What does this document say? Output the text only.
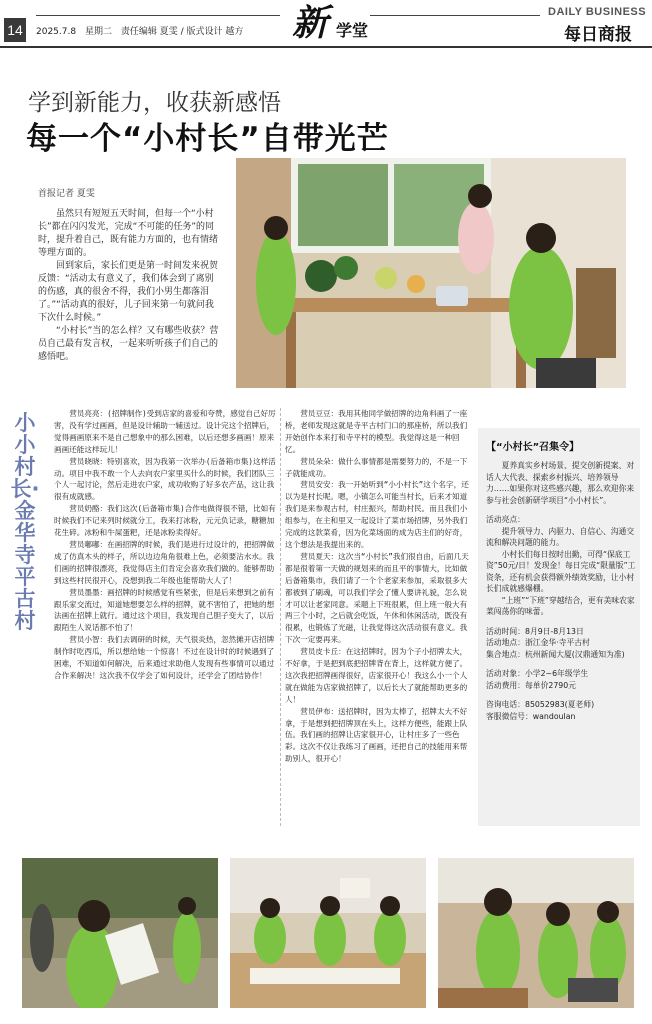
14	2025.7.8 星期二 责任编辑 夏雯 / 版式设计 越方 新 学堂
DAILY BUSINESS
每日商报
学到新能力，收获新感悟
每一个“小村长”自带光芒
首报记者 夏雯

虽然只有短短五天时间，但每一个“小村长”都在闪闪发光，完成“不可能的任务”的同时，提升着自己，既有能力方面的，也有情绪等理方面的。

回到家后，家长们更是第一时间发来祝贺反馈：“活动太有意义了，我们体会到了离别的伤感，真的很舍不得，我们小男生都落泪了。”“活动真的很好，儿子回来第一句就问我下次什么时候。”

“小村长”当的怎么样？又有哪些收获？营员自己最有发言权，一起来听听孩子们自己的感悟吧。

小小村长·金华寺平古村

营员亮亮：(招牌制作)受到店家的喜爱和夸赞，感觉自己好厉害，没有学过画画，但是设计辅助一辅送过。设计完这个招牌后，觉得画画原来不是自己想象中的那么困难，以后还想多画画！原来画画还能这样玩儿！

营员晓晓：特别喜欢，因为我第一次举办(后备箱市集)这样活动。项目中我不敢一个人去向农户家里买什么的时候，我们团队三个人一起讨论，然后走进农户家，成功收购了好多农产品，这让我很有成就感。

营员奶酪：我们这次(后备箱市集)合作电做得很不错，比如有时候我们不记来列时候就分工，我来打冰粉，元元负记录，糖糖加花生碎。冰粉和牛屎蛋粑，还是冰粉卖得好。

营员嘟嘟：在画招牌的时候，我们是进行过设计的，把招牌做成了仿真木头的样子，所以边边角角很难上色，必须要沾水水。我们画的招牌很漂亮，我觉得店主们肯定会喜欢我们做的。能够帮助到这些村民很开心，没想到我二年级也能帮助大人了！

营员墨墨：画招牌的时候感觉有些紧张，但是后来想到之前有跟乐家交流过，知道她想要怎么样的招牌，就不害怕了，把她的想法画在招牌上就行。通过这个项目，我发现自己胆子变大了，以后跟陌生人说话都不怕了！

营员小智：我们去调研的时候，天气很炎热，忽然摊开店招牌制作时吃西瓜，所以想给她一个惊喜！不过在设计时的时候遇到了困难，不知道如何解决，后来通过求助他人发现有些事情可以通过合作来解决！这次我不仅学会了如何设计，还学会了团结协作！

营员豆豆：我用其他同学做招牌的边角料画了一座桥，老师发现这就是寺平古村门口的那座桥，所以我们开始创作本来打和寺平村的模型。我觉得这是一种回忆。

营员朵朵：做什么事情都是需要努力的，不是一下子就能成功。

营员安安：我一开始听到“小小村长”这个名字，还以为是村长呢。嗯，小镇怎么可能当村长，后来才知道我们是来参观古村，村庄振兴，帮助村民。而且我们小组参与，在主和里又一起设计了菜市场招牌，另外我们完成的这款菜肴，因为化菜场面的成为店主们的好奇，这个想法是我提出来的。

营员夏天：这次当“小村长”我们很自由，后面几天都是很着第一天做的规划来的而且平的事情大，比如做后备箱集市，我们请了一个个老家来参加，采取很多大都被到了刷魂，可以我们学会了懂人要讲礼貌，怎么说才可以让老家同意。采题上下班很累，但上班一般大有两三个小时，之后就会吃饭，午休和休闲活动，既没有很累，也锻炼了光磁，让我觉得这次活动很有意义。我下次一定要再来。

营员皮卡丘：在这招牌时，因为个子小招牌太大，不好拿，于是把到底把招牌背在背上，这样就方便了。这次我把招牌画得很好，店家很开心！我这么小一个人就在做能为店家做招牌了，以后长大了就能帮助更多的人！

营员伊布：送招牌时，因为太棒了，招牌太大不好拿，于是想到把招牌顶在头上，这样方便些，能跟上队伍。我们画的招牌让店家很开心，让村庄多了一些色彩。这次不仅让我练习了画画，还把自己的技能用来帮助别人，很开心！

【“小村长”召集令】

夏养真实乡村场景、提交创新提案、对话人大代表、探索乡村振兴、培养领导力……如果你对这些感兴趣，那么欢迎你来参与社会创新研学项目“小小村长”。

活动亮点：

提升领导力、内驱力、自信心、沟通交流和解决问题的能力。

小村长们每日按时出勤，可得“保底工资”50元/日！发现金！每日完成“限量版”工资条，还有机会获得额外绩效奖励，让小村长们成就感爆棚。

“上班”“下班”穿越结合，更有美味农家菜闯荡你的味蕾。

活动时间：8月9日-8月13日

活动地点：浙江金华·寺平古村

集合地点：杭州新闻大厦(汉鼎通知为准)

活动对象：小学2~6年级学生

活动费用：每单价2790元

咨询电话：85052983(夏老师)

客服微信号：wandoulan
